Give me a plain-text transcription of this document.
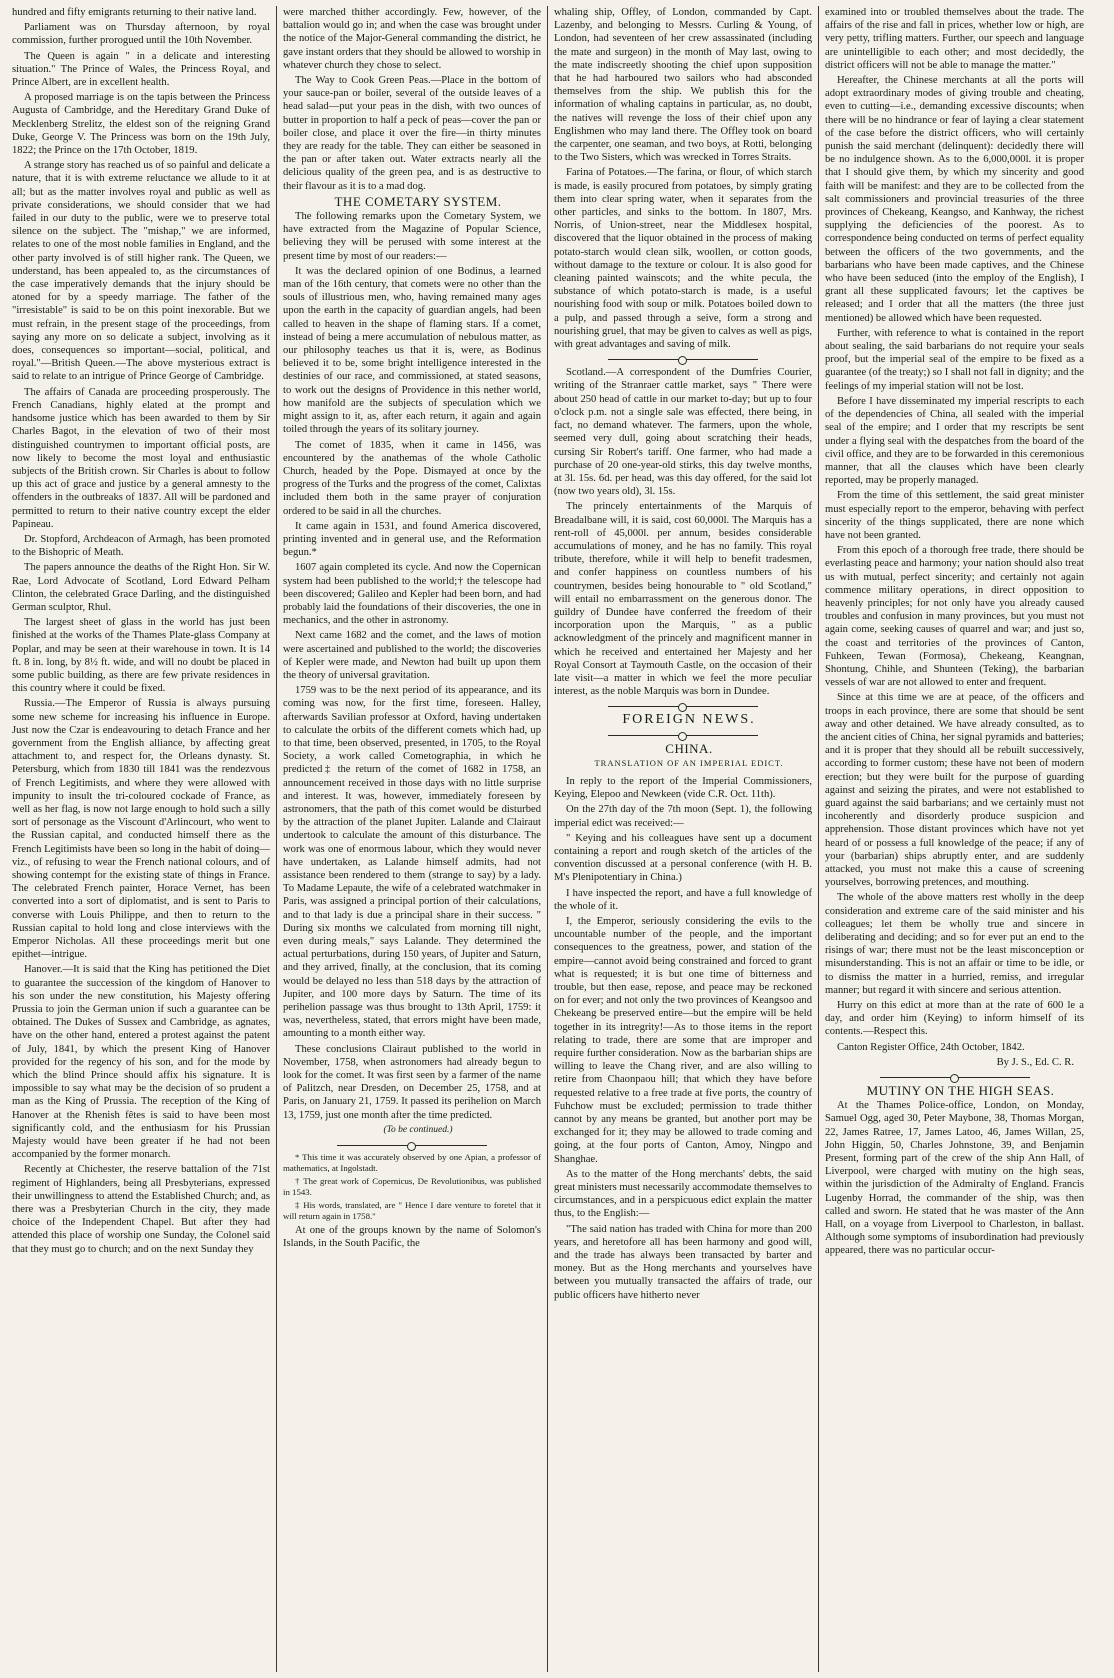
hundred and fifty emigrants returning to their native land.

Parliament was on Thursday afternoon, by royal commission, further prorogued until the 10th November.

The Queen is again " in a delicate and interesting situation." The Prince of Wales, the Princess Royal, and Prince Albert, are in excellent health.

A proposed marriage is on the tapis between the Princess Augusta of Cambridge, and the Hereditary Grand Duke of Mecklenberg Strelitz, the eldest son of the reigning Grand Duke, George V. The Princess was born on the 19th July, 1822; the Prince on the 17th October, 1819.

A strange story has reached us of so painful and delicate a nature, that it is with extreme reluctance we allude to it at all; but as the matter involves royal and public as well as private considerations, we should consider that we had failed in our duty to the public, were we to preserve total silence on the subject. The "mishap," we are informed, relates to one of the most noble families in England, and the other party involved is of still higher rank. The Queen, we understand, has been appealed to, as the circumstances of the case imperatively demands that the injury should be atoned for by a speedy marriage. The father of the "irresistable" is said to be on this point inexorable. But we must refrain, in the present stage of the proceedings, from saying any more on so delicate a subject, involving as it does, consequences so important—social, political, and royal."—British Queen.—The above mysterious extract is said to relate to an intrigue of Prince George of Cambridge.

The affairs of Canada are proceeding prosperously. The French Canadians, highly elated at the prompt and handsome justice which has been awarded to them by Sir Charles Bagot, in the elevation of two of their most distinguished countrymen to important official posts, are now likely to become the most loyal and enthusiastic subjects of the British crown. Sir Charles is about to follow up this act of grace and justice by a general amnesty to the offenders in the outbreaks of 1837. All will be pardoned and permitted to return to their native country except the elder Papineau.

Dr. Stopford, Archdeacon of Armagh, has been promoted to the Bishopric of Meath.

The papers announce the deaths of the Right Hon. Sir W. Rae, Lord Advocate of Scotland, Lord Edward Pelham Clinton, the celebrated Grace Darling, and the distinguished German sculptor, Rhul.

The largest sheet of glass in the world has just been finished at the works of the Thames Plate-glass Company at Poplar, and may be seen at their warehouse in town. It is 14 ft. 8 in. long, by 8½ ft. wide, and will no doubt be placed in some public building, as there are few private residences in this country where it could be fixed.

Russia.—The Emperor of Russia is always pursuing some new scheme for increasing his influence in Europe. Just now the Czar is endeavouring to detach France and her government from the English alliance, by affecting great attachment to, and respect for, the Orleans dynasty. St. Petersburg, which from 1830 till 1841 was the rendezvous of French Legitimists, and where they were allowed with impunity to insult the tri-coloured cockade of France, as well as her flag, is now not large enough to hold such a silly sort of personage as the Viscount d'Arlincourt, who went to the Russian capital, and conducted himself there as the French Legitimists have been so long in the habit of doing—viz., of refusing to wear the French national colours, and of showing contempt for the existing state of things in France. The celebrated French painter, Horace Vernet, has been converted into a sort of diplomatist, and is sent to Paris to converse with Louis Philippe, and then to return to the Russian capital to hold long and close interviews with the Emperor Nicholas. All these proceedings merit but one epithet—intrigue.

Hanover.—It is said that the King has petitioned the Diet to guarantee the succession of the kingdom of Hanover to his son under the new constitution, his Majesty offering Prussia to join the German union if such a guarantee can be obtained. The Dukes of Sussex and Cambridge, as agnates, have on the other hand, entered a protest against the patent of July, 1841, by which the present King of Hanover provided for the regency of his son, and for the mode by which the blind Prince should affix his signature. It is impossible to say what may be the decision of so prudent a man as the King of Prussia. The reception of the King of Hanover at the Rhenish fêtes is said to have been most significantly cold, and the enthusiasm for his Prussian Majesty would have been greater if he had not been accompanied by the former monarch.

Recently at Chichester, the reserve battalion of the 71st regiment of Highlanders, being all Presbyterians, expressed their unwillingness to attend the Established Church; and, as there was a Presbyterian Church in the city, they made choice of the Independent Chapel. But after they had attended this place of worship one Sunday, the Colonel said that they must go to church; and on the next Sunday they

were marched thither accordingly. Few, however, of the battalion would go in; and when the case was brought under the notice of the Major-General commanding the district, he gave instant orders that they should be allowed to worship in whatever church they chose to select.

The Way to Cook Green Peas.—Place in the bottom of your sauce-pan or boiler, several of the outside leaves of a head salad—put your peas in the dish, with two ounces of butter in proportion to half a peck of peas—cover the pan or boiler close, and place it over the fire—in thirty minutes they are ready for the table. They can either be seasoned in the pan or after taken out. Water extracts nearly all the delicious quality of the green pea, and is as destructive to their flavour as it is to a mad dog.

THE COMETARY SYSTEM.

The following remarks upon the Cometary System, we have extracted from the Magazine of Popular Science, believing they will be perused with some interest at the present time by most of our readers:—

It was the declared opinion of one Bodinus, a learned man of the 16th century, that comets were no other than the souls of illustrious men, who, having remained many ages upon the earth in the capacity of guardian angels, had been called to heaven in the shape of flaming stars. If a comet, instead of being a mere accumulation of nebulous matter, as our philosophy teaches us that it is, were, as Bodinus believed it to be, some bright intelligence interested in the destinies of our race, and commissioned, at stated seasons, to work out the designs of Providence in this nether world, how manifold are the subjects of speculation which we might assign to it, as, after each return, it again and again toiled through the years of its solitary journey.

The comet of 1835, when it came in 1456, was encountered by the anathemas of the whole Catholic Church, headed by the Pope. Dismayed at once by the progress of the Turks and the progress of the comet, Calixtas included them both in the same prayer of conjuration ordered to be said in all the churches.

It came again in 1531, and found America discovered, printing invented and in general use, and the Reformation begun.*

1607 again completed its cycle. And now the Copernican system had been published to the world;† the telescope had been discovered; Galileo and Kepler had been born, and had probably laid the foundations of their discoveries, the one in mechanics, and the other in astronomy.

Next came 1682 and the comet, and the laws of motion were ascertained and published to the world; the discoveries of Kepler were made, and Newton had built up upon them the theory of universal gravitation.

1759 was to be the next period of its appearance, and its coming was now, for the first time, foreseen. Halley, afterwards Savilian professor at Oxford, having undertaken to calculate the orbits of the different comets which had, up to that time, been observed, presented, in 1705, to the Royal Society, a work called Cometographia, in which he predicted‡ the return of the comet of 1682 in 1758, an announcement received in those days with no little surprise and interest. It was, however, immediately foreseen by astronomers, that the path of this comet would be disturbed by the attraction of the planet Jupiter. Lalande and Clairaut undertook to calculate the amount of this disturbance. The work was one of enormous labour, which they would never have undertaken, as Lalande himself admits, had not assistance been rendered to them (strange to say) by a lady. To Madame Lepaute, the wife of a celebrated watchmaker in Paris, was assigned a principal portion of their calculations, and to that lady is due a principal share in their success. " During six months we calculated from morning till night, even during meals," says Lalande. They determined the actual perturbations, during 150 years, of Jupiter and Saturn, and they arrived, finally, at the conclusion, that its coming would be delayed no less than 518 days by the attraction of Jupiter, and 100 more days by Saturn. The time of its perihelion passage was thus brought to 13th April, 1759: it was, nevertheless, stated, that errors might have been made, amounting to a month either way.

These conclusions Clairaut published to the world in November, 1758, when astronomers had already begun to look for the comet. It was first seen by a farmer of the name of Palitzch, near Dresden, on December 25, 1758, and at Paris, on January 21, 1759. It passed its perihelion on March 13, 1759, just one month after the time predicted.

(To be continued.)

* This time it was accurately observed by one Apian, a professor of mathematics, at Ingolstadt.

† The great work of Copernicus, De Revolutionibus, was published in 1543.

‡ His words, translated, are " Hence I dare venture to foretel that it will return again in 1758."

At one of the groups known by the name of Solomon's Islands, in the South Pacific, the

whaling ship, Offley, of London, commanded by Capt. Lazenby, and belonging to Messrs. Curling & Young, of London, had seventeen of her crew assassinated (including the mate and surgeon) in the month of May last, owing to the mate indiscreetly shooting the chief upon supposition that he had harboured two sailors who had absconded themselves from the ship. We publish this for the information of whaling captains in particular, as, no doubt, the natives will revenge the loss of their chief upon any Englishmen who may land there. The Offley took on board the carpenter, one seaman, and two boys, at Rotti, belonging to the Two Sisters, which was wrecked in Torres Straits.

Farina of Potatoes.—The farina, or flour, of which starch is made, is easily procured from potatoes, by simply grating them into clear spring water, when it separates from the other particles, and sinks to the bottom. In 1807, Mrs. Norris, of Union-street, near the Middlesex hospital, discovered that the liquor obtained in the process of making potato-starch would clean silk, woollen, or cotton goods, without damage to the texture or colour. It is also good for cleaning painted wainscots; and the white pecula, the substance of which potato-starch is made, is a useful nourishing food with soup or milk. Potatoes boiled down to a pulp, and passed through a seive, form a strong and nourishing gruel, that may be given to calves as well as pigs, with great advantages and saving of milk.

Scotland.—A correspondent of the Dumfries Courier, writing of the Stranraer cattle market, says " There were about 250 head of cattle in our market to-day; but up to four o'clock p.m. not a single sale was effected, there being, in fact, no demand whatever. The farmers, upon the whole, seemed very dull, going about scratching their heads, cursing Sir Robert's tariff. One farmer, who had made a purchase of 20 one-year-old stirks, this day twelve months, at 3l. 15s. 6d. per head, was this day offered, for the said lot (now two years old), 3l. 15s.

The princely entertainments of the Marquis of Breadalbane will, it is said, cost 60,000l. The Marquis has a rent-roll of 45,000l. per annum, besides considerable accumulations of money, and he has no family. This royal tribute, therefore, while it will help to benefit tradesmen, and confer happiness on countless numbers of his countrymen, besides being honourable to " old Scotland," will entail no embarrassment on the generous donor. The guildry of Dundee have conferred the freedom of their incorporation upon the Marquis, " as a public acknowledgment of the princely and magnificent manner in which he received and entertained her Majesty and her Royal Consort at Taymouth Castle, on the occasion of their late visit—a matter in which we feel the more peculiar interest, as the noble Marquis was born in Dundee.

FOREIGN NEWS.

CHINA.

TRANSLATION OF AN IMPERIAL EDICT.

In reply to the report of the Imperial Commissioners, Keying, Elepoo and Newkeen (vide C.R. Oct. 11th).

On the 27th day of the 7th moon (Sept. 1), the following imperial edict was received:—

" Keying and his colleagues have sent up a document containing a report and rough sketch of the articles of the convention discussed at a personal conference (with H. B. M's Plenipotentiary in China.)

I have inspected the report, and have a full knowledge of the whole of it.

I, the Emperor, seriously considering the evils to the uncountable number of the people, and the important consequences to the greatness, power, and station of the empire—cannot avoid being constrained and forced to grant what is requested; it is but one time of bitterness and trouble, but then ease, repose, and peace may be reckoned on for ever; and not only the two provinces of Keangsoo and Chekeang be preserved entire—but the empire will be held together in its intregrity!—As to those items in the report relating to trade, there are some that are improper and require further consideration. Now as the barbarian ships are willing to leave the Chang river, and are also willing to retire from Chaonpaou hill; that which they have before requested relative to a free trade at five ports, the country of Fuhchow must be excluded; permission to trade thither cannot by any means be granted, but another port may be exchanged for it; they may be allowed to trade coming and going, at the four ports of Canton, Amoy, Ningpo and Shanghae.

As to the matter of the Hong merchants' debts, the said great ministers must necessarily accommodate themselves to circumstances, and in a perspicuous edict explain the matter thus, to the English:—

"The said nation has traded with China for more than 200 years, and heretofore all has been harmony and good will, and the trade has always been transacted by barter and money. But as the Hong merchants and yourselves have between you mutually transacted the affairs of trade, our public officers have hitherto never

examined into or troubled themselves about the trade. The affairs of the rise and fall in prices, whether low or high, are very petty, trifling matters. Further, our speech and language are unintelligible to each other; and most decidedly, the district officers will not be able to manage the matter."

Hereafter, the Chinese merchants at all the ports will adopt extraordinary modes of giving trouble and cheating, even to cutting—i.e., demanding excessive discounts; when there will be no hindrance or fear of laying a clear statement of the case before the district officers, who will certainly punish the said merchant (delinquent): decidedly there will be no indulgence shown. As to the 6,000,000l. it is proper that I should give them, by which my sincerity and good faith will be manifest: and they are to be collected from the salt commissioners and provincial treasuries of the three provinces of Chekeang, Keangso, and Kanhway, the richest supplying the deficiencies of the poorest. As to correspondence being conducted on terms of perfect equality between the officers of the two governments, and the barbarians who have been made captives, and the Chinese who have been seduced (into the employ of the English), I grant all these supplicated favours; let the captives be released; and I order that all the matters (the three just mentioned) be allowed which have been requested.

Further, with reference to what is contained in the report about sealing, the said barbarians do not require your seals proof, but the imperial seal of the empire to be fixed as a guarantee (of the treaty;) so I shall not fall in dignity; and the feelings of my imperial station will not be lost.

Before I have disseminated my imperial rescripts to each of the dependencies of China, all sealed with the imperial seal of the empire; and I order that my rescripts be sent under a flying seal with the despatches from the board of the civil office, and they are to be forwarded in this ceremonious manner, that all the clauses which have been clearly reported, may be properly managed.

From the time of this settlement, the said great minister must especially report to the emperor, behaving with perfect sincerity of the things supplicated, there are none which have not been granted.

From this epoch of a thorough free trade, there should be everlasting peace and harmony; your nation should also treat us with mutual, perfect sincerity; and certainly not again commence military operations, in direct opposition to heavenly principles; for not only have you already caused troubles and confusion in many provinces, but you must not again come, seeking causes of quarrel and war; and just so, the coast and territories of the provinces of Canton, Fuhkeen, Tewan (Formosa), Chekeang, Keangnan, Shontung, Chihle, and Shunteen (Teking), the barbarian vessels of war are not allowed to enter and frequent.

Since at this time we are at peace, of the officers and troops in each province, there are some that should be sent away and other detained. We have already consulted, as to the ancient cities of China, her signal pyramids and batteries; and it is proper that they should all be rebuilt successively, according to former custom; these have not been of modern erection; but they were built for the purpose of guarding against and seizing the pirates, and were not established to guard against the said barbarians; and we certainly must not incoherently and disorderly produce suspicion and apprehension. Those distant provinces which have not yet heard of or possess a full knowledge of the peace; if any of your (barbarian) ships abruptly enter, and are suddenly attacked, you must not make this a cause of screening yourselves, borrowing pretences, and mouthing.

The whole of the above matters rest wholly in the deep consideration and extreme care of the said minister and his colleagues; let them be wholly true and sincere in deliberating and deciding; and so for ever put an end to the risings of war; there must not be the least misconception or misunderstanding. This is not an affair or time to be idle, or to dismiss the matter in a hurried, remiss, and irregular manner; but regard it with sincere and serious attention.

Hurry on this edict at more than at the rate of 600 le a day, and order him (Keying) to inform himself of its contents.—Respect this.

Canton Register Office, 24th October, 1842.

By J. S., Ed. C. R.

MUTINY ON THE HIGH SEAS.

At the Thames Police-office, London, on Monday, Samuel Ogg, aged 30, Peter Maybone, 38, Thomas Morgan, 22, James Ratree, 17, James Latoo, 46, James Willan, 25, John Higgin, 50, Charles Johnstone, 39, and Benjamin Present, forming part of the crew of the ship Ann Hall, of Liverpool, were charged with mutiny on the high seas, within the jurisdiction of the Admiralty of England. Francis Lugenby Horrad, the commander of the ship, was then called and sworn. He stated that he was master of the Ann Hall, on a voyage from Liverpool to Charleston, in ballast. Although some symptoms of insubordination had previously appeared, there was no particular occur-
